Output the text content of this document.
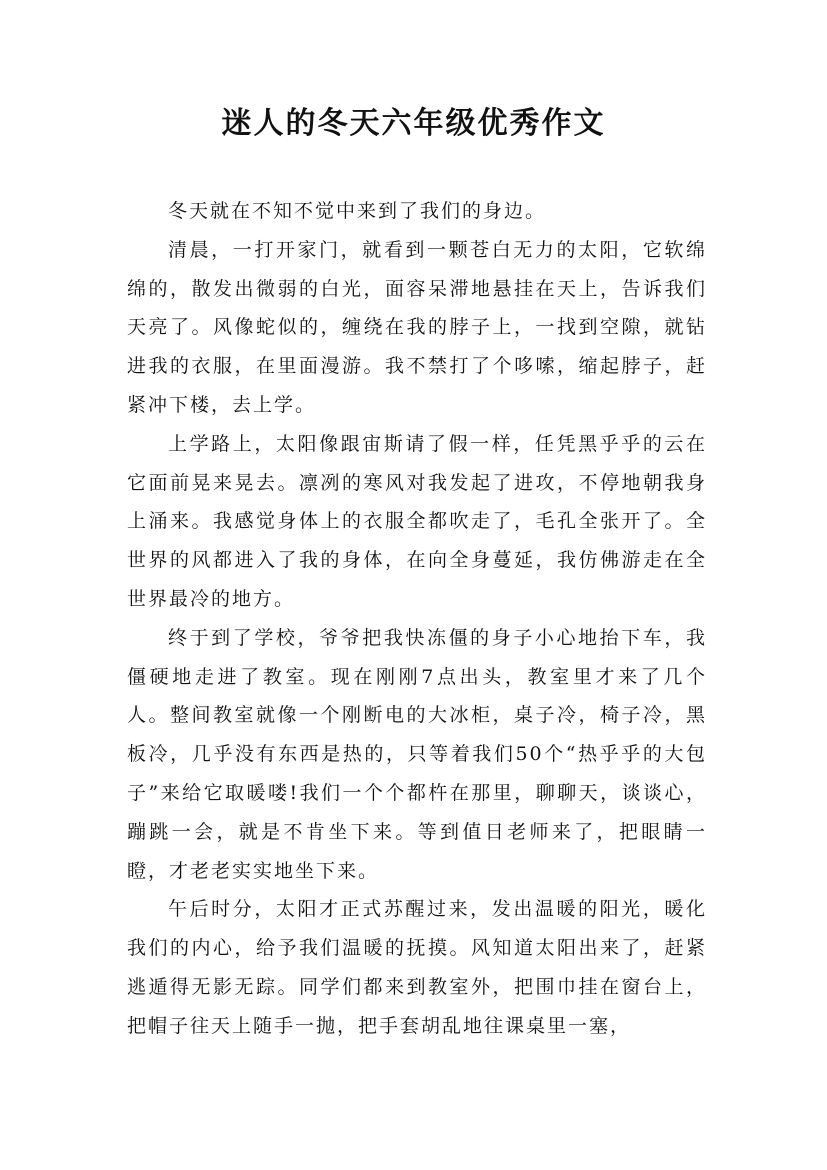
迷人的冬天六年级优秀作文

冬天就在不知不觉中来到了我们的身边。

清晨，一打开家门，就看到一颗苍白无力的太阳，它软绵绵的，散发出微弱的白光，面容呆滞地悬挂在天上，告诉我们天亮了。风像蛇似的，缠绕在我的脖子上，一找到空隙，就钻进我的衣服，在里面漫游。我不禁打了个哆嗦，缩起脖子，赶紧冲下楼，去上学。

上学路上，太阳像跟宙斯请了假一样，任凭黑乎乎的云在它面前晃来晃去。凛冽的寒风对我发起了进攻，不停地朝我身上涌来。我感觉身体上的衣服全都吹走了，毛孔全张开了。全世界的风都进入了我的身体，在向全身蔓延，我仿佛游走在全世界最冷的地方。

终于到了学校，爷爷把我快冻僵的身子小心地抬下车，我僵硬地走进了教室。现在刚刚7点出头，教室里才来了几个人。整间教室就像一个刚断电的大冰柜，桌子冷，椅子冷，黑板冷，几乎没有东西是热的，只等着我们50个“热乎乎的大包子”来给它取暖喽!我们一个个都杵在那里，聊聊天，谈谈心，蹦跳一会，就是不肯坐下来。等到值日老师来了，把眼睛一瞪，才老老实实地坐下来。

午后时分，太阳才正式苏醒过来，发出温暖的阳光，暖化我们的内心，给予我们温暖的抚摸。风知道太阳出来了，赶紧逃遁得无影无踪。同学们都来到教室外，把围巾挂在窗台上，把帽子往天上随手一抛，把手套胡乱地往课桌里一塞，
